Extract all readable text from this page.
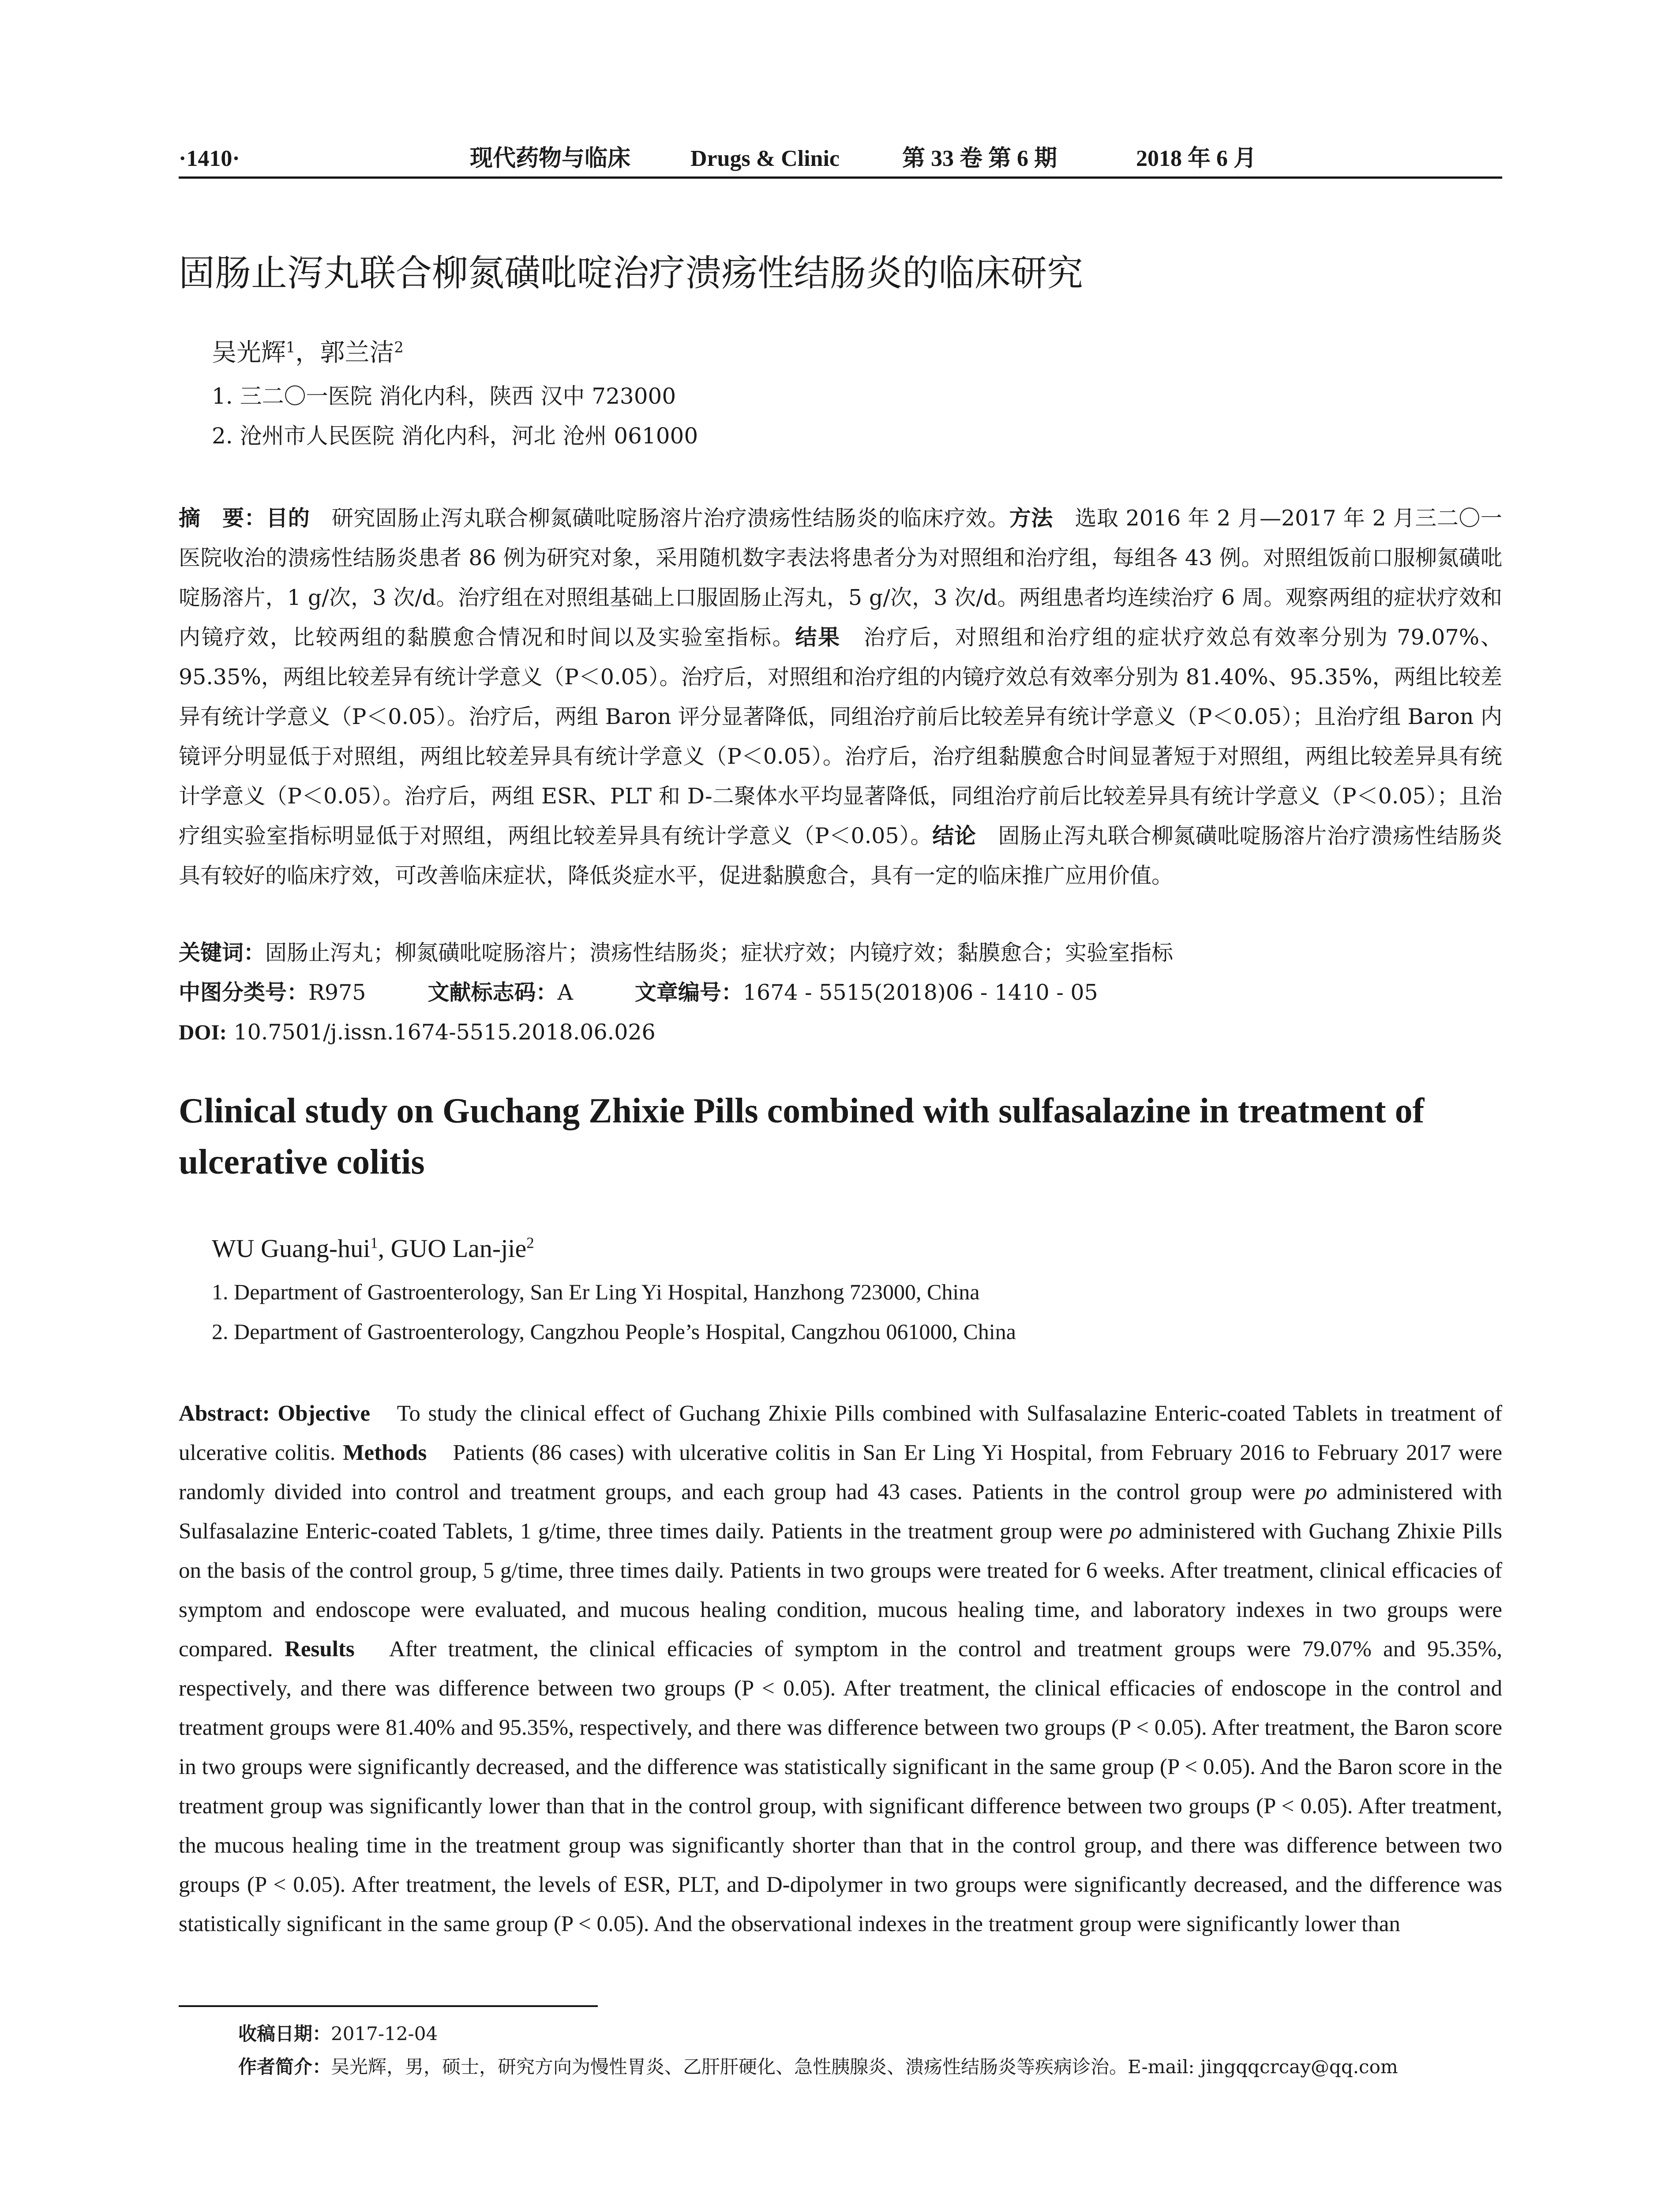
·1410·	现代药物与临床	Drugs & Clinic	第 33 卷 第 6 期	2018 年 6 月
固肠止泻丸联合柳氮磺吡啶治疗溃疡性结肠炎的临床研究
吴光辉$^1$，郭兰洁$^2$
1. 三二〇一医院 消化内科，陕西 汉中 723000
2. 沧州市人民医院 消化内科，河北 沧州 061000
摘　要：目的　研究固肠止泻丸联合柳氮磺吡啶肠溶片治疗溃疡性结肠炎的临床疗效。方法　选取 2016 年 2 月—2017 年 2 月三二〇一医院收治的溃疡性结肠炎患者 86 例为研究对象，采用随机数字表法将患者分为对照组和治疗组，每组各 43 例。对照组饭前口服柳氮磺吡啶肠溶片，1 g/次，3 次/d。治疗组在对照组基础上口服固肠止泻丸，5 g/次，3 次/d。两组患者均连续治疗 6 周。观察两组的症状疗效和内镜疗效，比较两组的黏膜愈合情况和时间以及实验室指标。结果　治疗后，对照组和治疗组的症状疗效总有效率分别为 79.07%、95.35%，两组比较差异有统计学意义（P＜0.05）。治疗后，对照组和治疗组的内镜疗效总有效率分别为 81.40%、95.35%，两组比较差异有统计学意义（P＜0.05）。治疗后，两组 Baron 评分显著降低，同组治疗前后比较差异有统计学意义（P＜0.05）；且治疗组 Baron 内镜评分明显低于对照组，两组比较差异具有统计学意义（P＜0.05）。治疗后，治疗组黏膜愈合时间显著短于对照组，两组比较差异具有统计学意义（P＜0.05）。治疗后，两组 ESR、PLT 和 D-二聚体水平均显著降低，同组治疗前后比较差异具有统计学意义（P＜0.05）；且治疗组实验室指标明显低于对照组，两组比较差异具有统计学意义（P＜0.05）。结论　固肠止泻丸联合柳氮磺吡啶肠溶片治疗溃疡性结肠炎具有较好的临床疗效，可改善临床症状，降低炎症水平，促进黏膜愈合，具有一定的临床推广应用价值。
关键词：固肠止泻丸；柳氮磺吡啶肠溶片；溃疡性结肠炎；症状疗效；内镜疗效；黏膜愈合；实验室指标
中图分类号：R975	文献标志码：A	文章编号：1674 - 5515(2018)06 - 1410 - 05
DOI: 10.7501/j.issn.1674-5515.2018.06.026
Clinical study on Guchang Zhixie Pills combined with sulfasalazine in treatment of ulcerative colitis
WU Guang-hui$^1$, GUO Lan-jie$^2$
1. Department of Gastroenterology, San Er Ling Yi Hospital, Hanzhong 723000, China
2. Department of Gastroenterology, Cangzhou People’s Hospital, Cangzhou 061000, China
Abstract: Objective　To study the clinical effect of Guchang Zhixie Pills combined with Sulfasalazine Enteric-coated Tablets in treatment of ulcerative colitis. Methods　Patients (86 cases) with ulcerative colitis in San Er Ling Yi Hospital, from February 2016 to February 2017 were randomly divided into control and treatment groups, and each group had 43 cases. Patients in the control group were po administered with Sulfasalazine Enteric-coated Tablets, 1 g/time, three times daily. Patients in the treatment group were po administered with Guchang Zhixie Pills on the basis of the control group, 5 g/time, three times daily. Patients in two groups were treated for 6 weeks. After treatment, clinical efficacies of symptom and endoscope were evaluated, and mucous healing condition, mucous healing time, and laboratory indexes in two groups were compared. Results　After treatment, the clinical efficacies of symptom in the control and treatment groups were 79.07% and 95.35%, respectively, and there was difference between two groups (P < 0.05). After treatment, the clinical efficacies of endoscope in the control and treatment groups were 81.40% and 95.35%, respectively, and there was difference between two groups (P < 0.05). After treatment, the Baron score in two groups were significantly decreased, and the difference was statistically significant in the same group (P < 0.05). And the Baron score in the treatment group was significantly lower than that in the control group, with significant difference between two groups (P < 0.05). After treatment, the mucous healing time in the treatment group was significantly shorter than that in the control group, and there was difference between two groups (P < 0.05). After treatment, the levels of ESR, PLT, and D-dipolymer in two groups were significantly decreased, and the difference was statistically significant in the same group (P < 0.05). And the observational indexes in the treatment group were significantly lower than
收稿日期：2017-12-04
作者简介：吴光辉，男，硕士，研究方向为慢性胃炎、乙肝肝硬化、急性胰腺炎、溃疡性结肠炎等疾病诊治。E-mail: jingqqcrcay@qq.com
